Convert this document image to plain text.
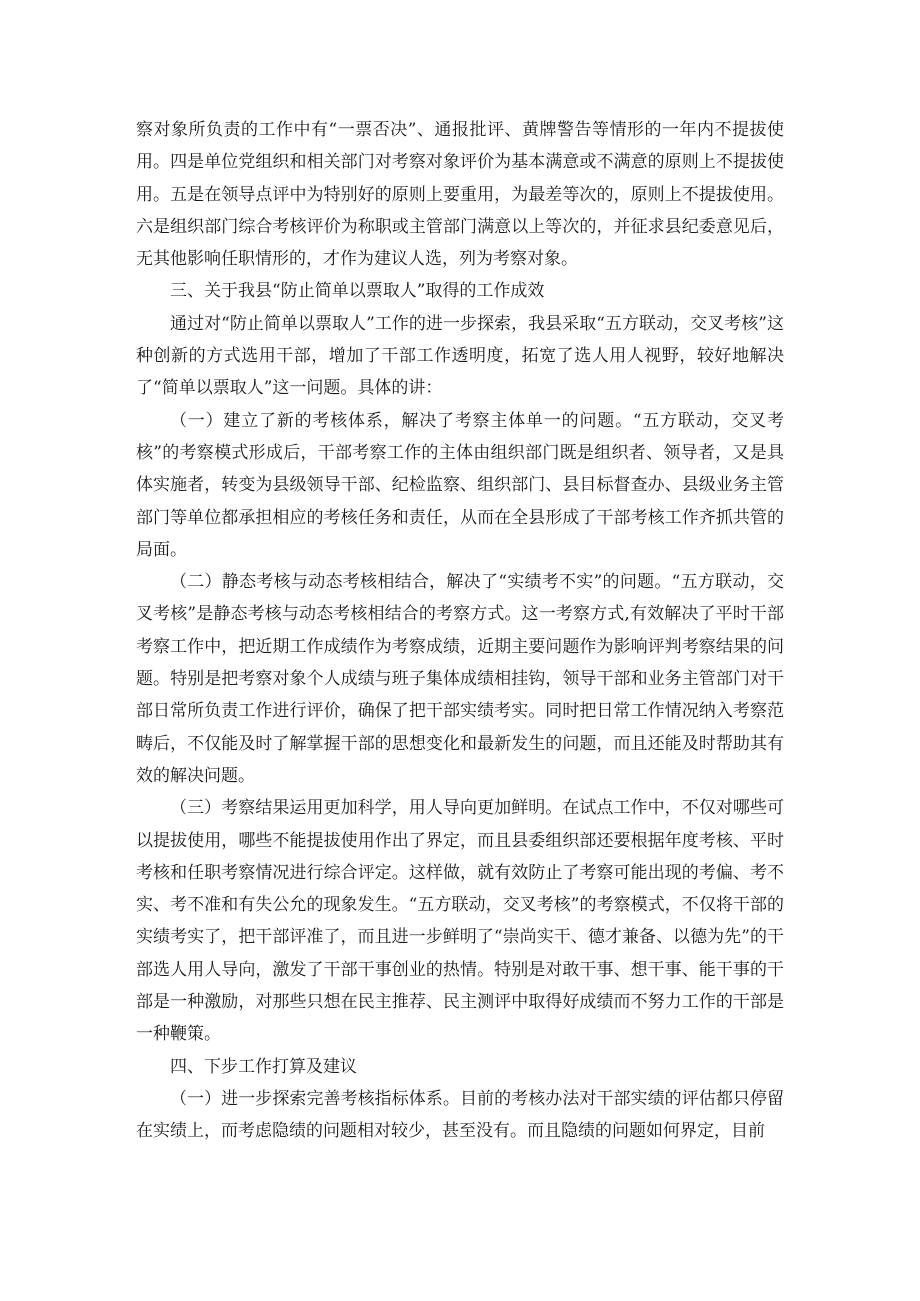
察对象所负责的工作中有“一票否决”、通报批评、黄牌警告等情形的一年内不提拔使用。四是单位党组织和相关部门对考察对象评价为基本满意或不满意的原则上不提拔使用。五是在领导点评中为特别好的原则上要重用，为最差等次的，原则上不提拔使用。六是组织部门综合考核评价为称职或主管部门满意以上等次的，并征求县纪委意见后，无其他影响任职情形的，才作为建议人选，列为考察对象。

三、关于我县“防止简单以票取人”取得的工作成效

通过对“防止简单以票取人”工作的进一步探索，我县采取“五方联动，交叉考核”这种创新的方式选用干部，增加了干部工作透明度，拓宽了选人用人视野，较好地解决了“简单以票取人”这一问题。具体的讲：

（一）建立了新的考核体系，解决了考察主体单一的问题。“五方联动，交叉考核”的考察模式形成后，干部考察工作的主体由组织部门既是组织者、领导者，又是具体实施者，转变为县级领导干部、纪检监察、组织部门、县目标督查办、县级业务主管部门等单位都承担相应的考核任务和责任，从而在全县形成了干部考核工作齐抓共管的局面。

（二）静态考核与动态考核相结合，解决了“实绩考不实”的问题。“五方联动，交叉考核”是静态考核与动态考核相结合的考察方式。这一考察方式,有效解决了平时干部考察工作中，把近期工作成绩作为考察成绩，近期主要问题作为影响评判考察结果的问题。特别是把考察对象个人成绩与班子集体成绩相挂钩，领导干部和业务主管部门对干部日常所负责工作进行评价，确保了把干部实绩考实。同时把日常工作情况纳入考察范畴后，不仅能及时了解掌握干部的思想变化和最新发生的问题，而且还能及时帮助其有效的解决问题。

（三）考察结果运用更加科学，用人导向更加鲜明。在试点工作中，不仅对哪些可以提拔使用，哪些不能提拔使用作出了界定，而且县委组织部还要根据年度考核、平时考核和任职考察情况进行综合评定。这样做，就有效防止了考察可能出现的考偏、考不实、考不准和有失公允的现象发生。“五方联动，交叉考核”的考察模式，不仅将干部的实绩考实了，把干部评准了，而且进一步鲜明了“崇尚实干、德才兼备、以德为先”的干部选人用人导向，激发了干部干事创业的热情。特别是对敢干事、想干事、能干事的干部是一种激励，对那些只想在民主推荐、民主测评中取得好成绩而不努力工作的干部是一种鞭策。

四、下步工作打算及建议

（一）进一步探索完善考核指标体系。目前的考核办法对干部实绩的评估都只停留在实绩上，而考虑隐绩的问题相对较少，甚至没有。而且隐绩的问题如何界定，目前
